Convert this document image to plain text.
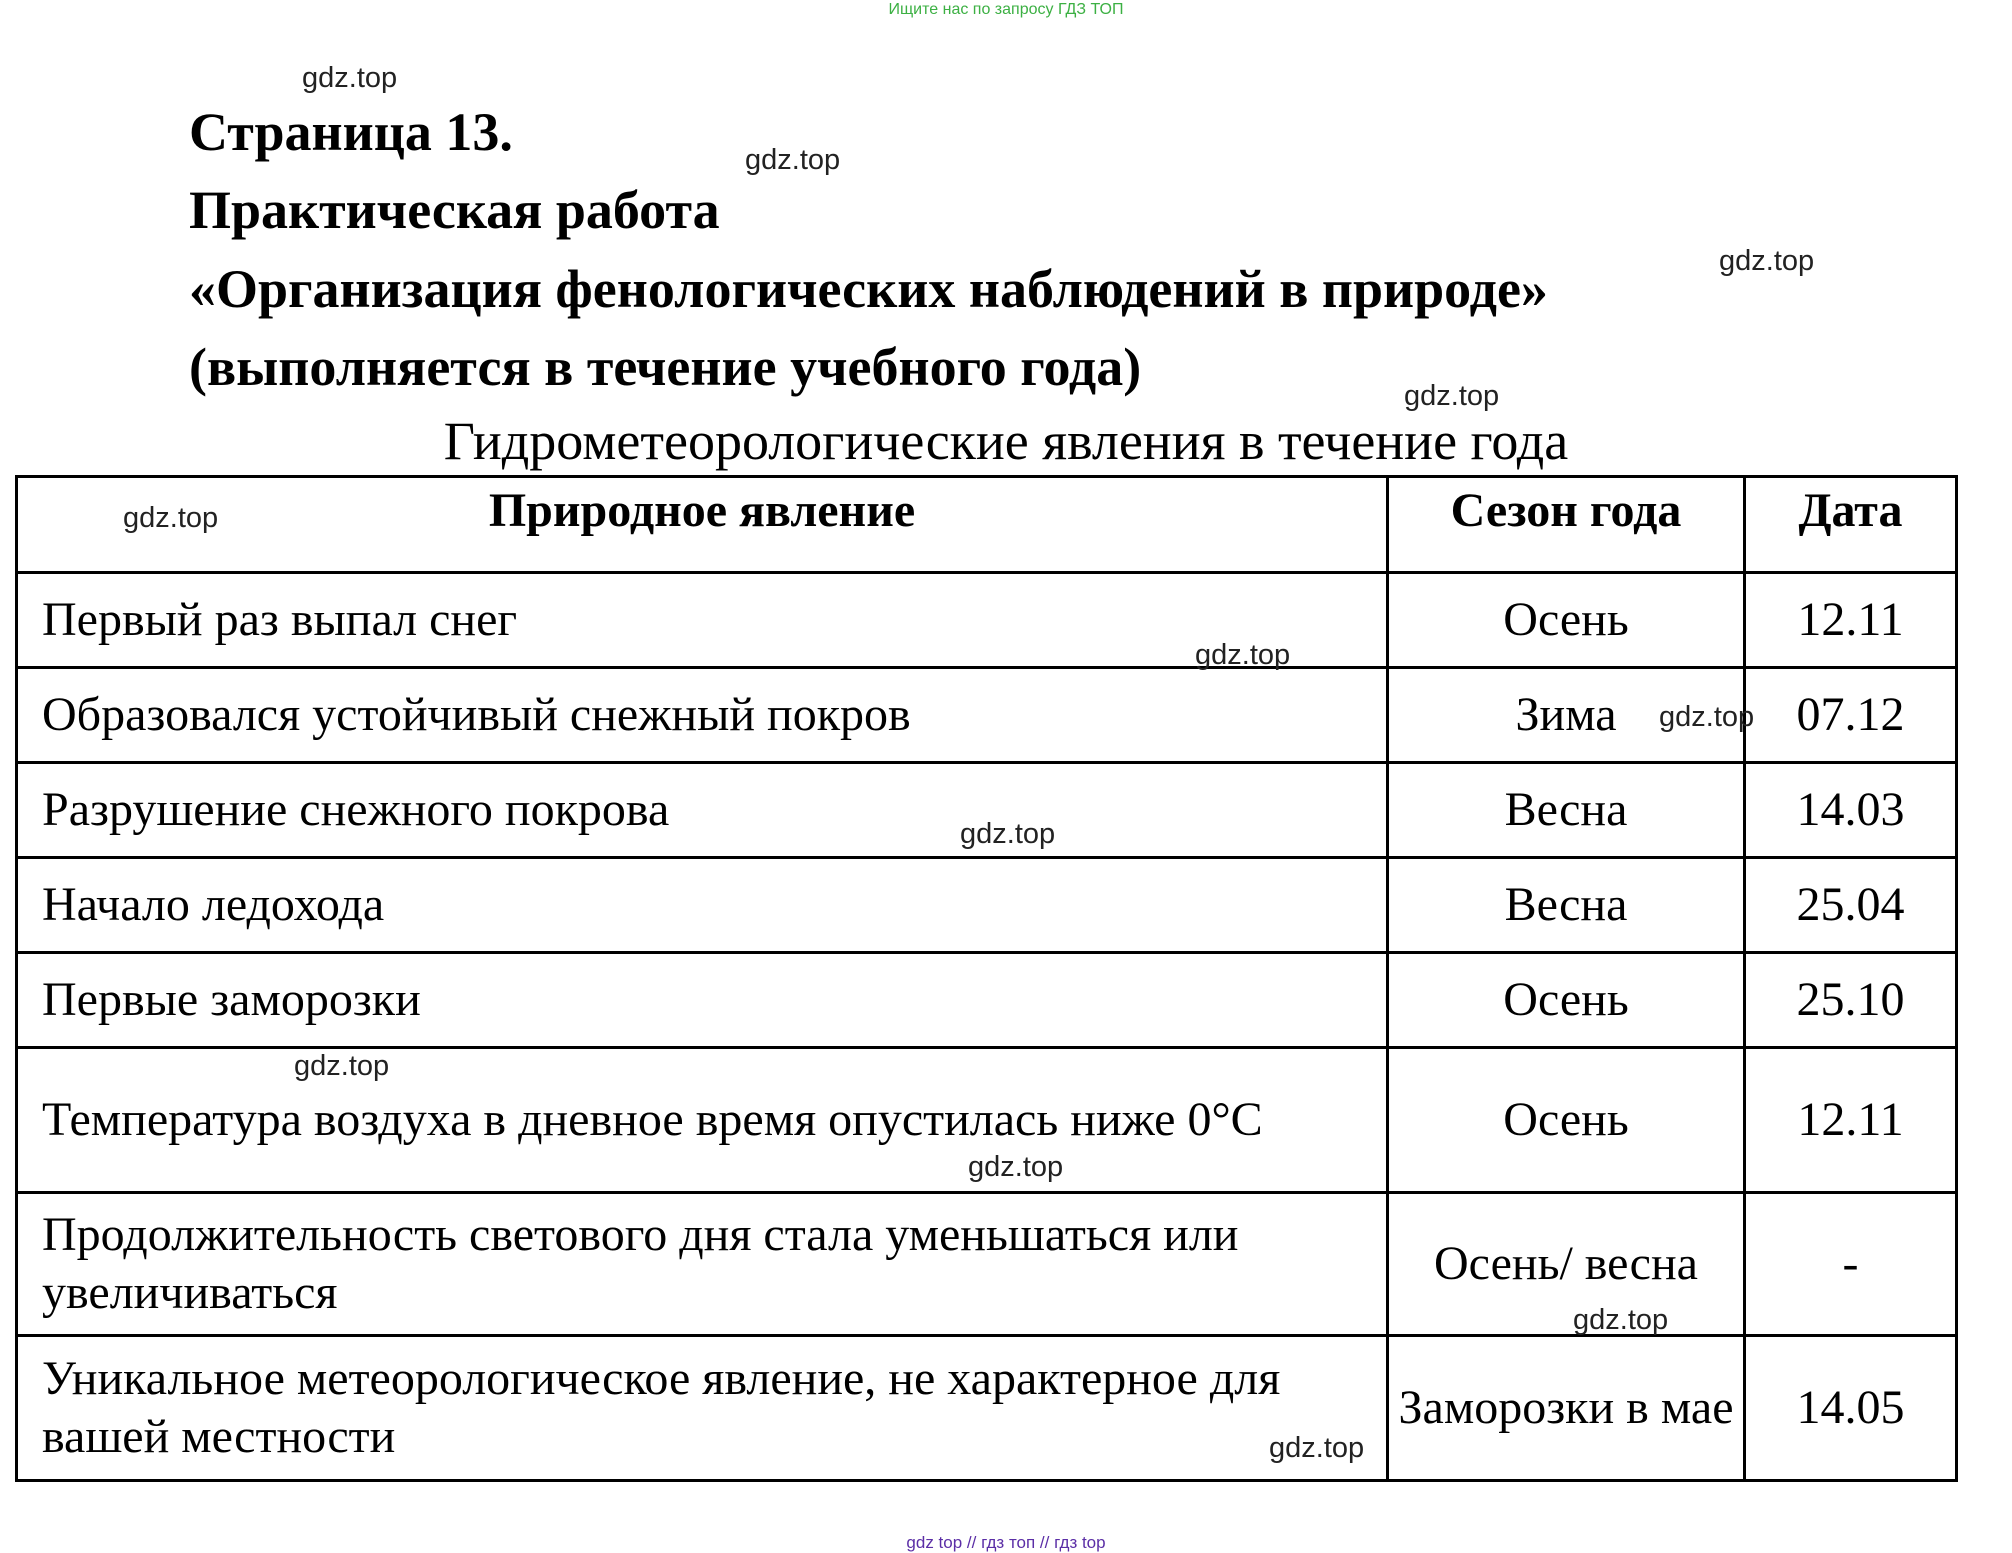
Ищите нас по запросу ГДЗ ТОП
Страница 13.
Практическая работа
«Организация фенологических наблюдений в природе»
(выполняется в течение учебного года)
Гидрометеорологические явления в течение года
Природное явление	Сезон года	Дата
Первый раз выпал снег	Осень	12.11
Образовался устойчивый снежный покров	Зима	07.12
Разрушение снежного покрова	Весна	14.03
Начало ледохода	Весна	25.04
Первые заморозки	Осень	25.10
Температура воздуха в дневное время опустилась ниже 0°C	Осень	12.11
Продолжительность светового дня стала уменьшаться или увеличиваться	Осень/ весна	-
Уникальное метеорологическое явление, не характерное для вашей местности	Заморозки в мае	14.05
gdz.top
gdz.top
gdz.top
gdz.top
gdz.top
gdz.top
gdz.top
gdz.top
gdz.top
gdz.top
gdz.top
gdz.top
gdz top // гдз топ // гдз top
